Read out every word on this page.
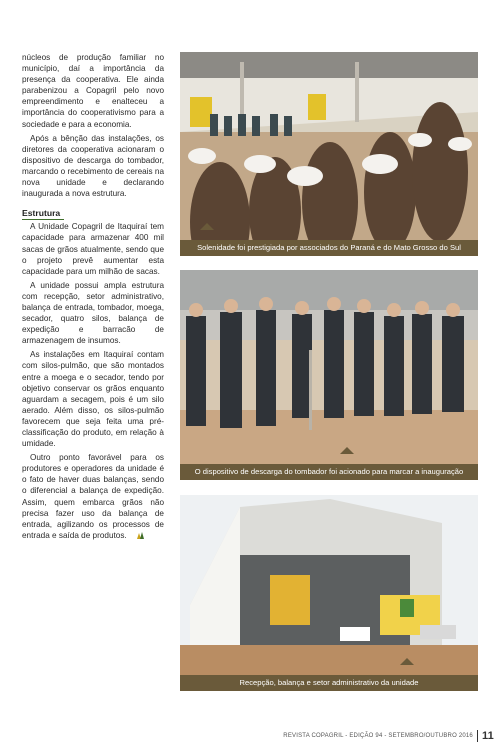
núcleos de produção familiar no município, daí a importância da presença da cooperativa. Ele ainda parabenizou a Copagril pelo novo empreendimento e enalteceu a importância do cooperativismo para a sociedade e para a economia.

Após a bênção das instalações, os diretores da cooperativa acionaram o dispositivo de descarga do tombador, marcando o recebimento de cereais na nova unidade e declarando inaugurada a nova estrutura.

Estrutura

A Unidade Copagril de Itaquiraí tem capacidade para armazenar 400 mil sacas de grãos atualmente, sendo que o projeto prevê aumentar esta capacidade para um milhão de sacas.

A unidade possui ampla estrutura com recepção, setor administrativo, balança de entrada, tombador, moega, secador, quatro silos, balança de expedição e barracão de armazenagem de insumos.

As instalações em Itaquiraí contam com silos-pulmão, que são montados entre a moega e o secador, tendo por objetivo conservar os grãos enquanto aguardam a secagem, pois é um silo aerado. Além disso, os silos-pulmão favorecem que seja feita uma pré-classificação do produto, em relação à umidade.

Outro ponto favorável para os produtores e operadores da unidade é o fato de haver duas balanças, sendo o diferencial a balança de expedição. Assim, quem embarca grãos não precisa fazer uso da balança de entrada, agilizando os processos de entrada e saída de produtos.

Solenidade foi prestigiada por associados do Paraná e do Mato Grosso do Sul
O dispositivo de descarga do tombador foi acionado para marcar a inauguração
Recepção, balança e setor administrativo da unidade
REVISTA COPAGRIL - EDIÇÃO 94 - SETEMBRO/OUTUBRO 2016 11
